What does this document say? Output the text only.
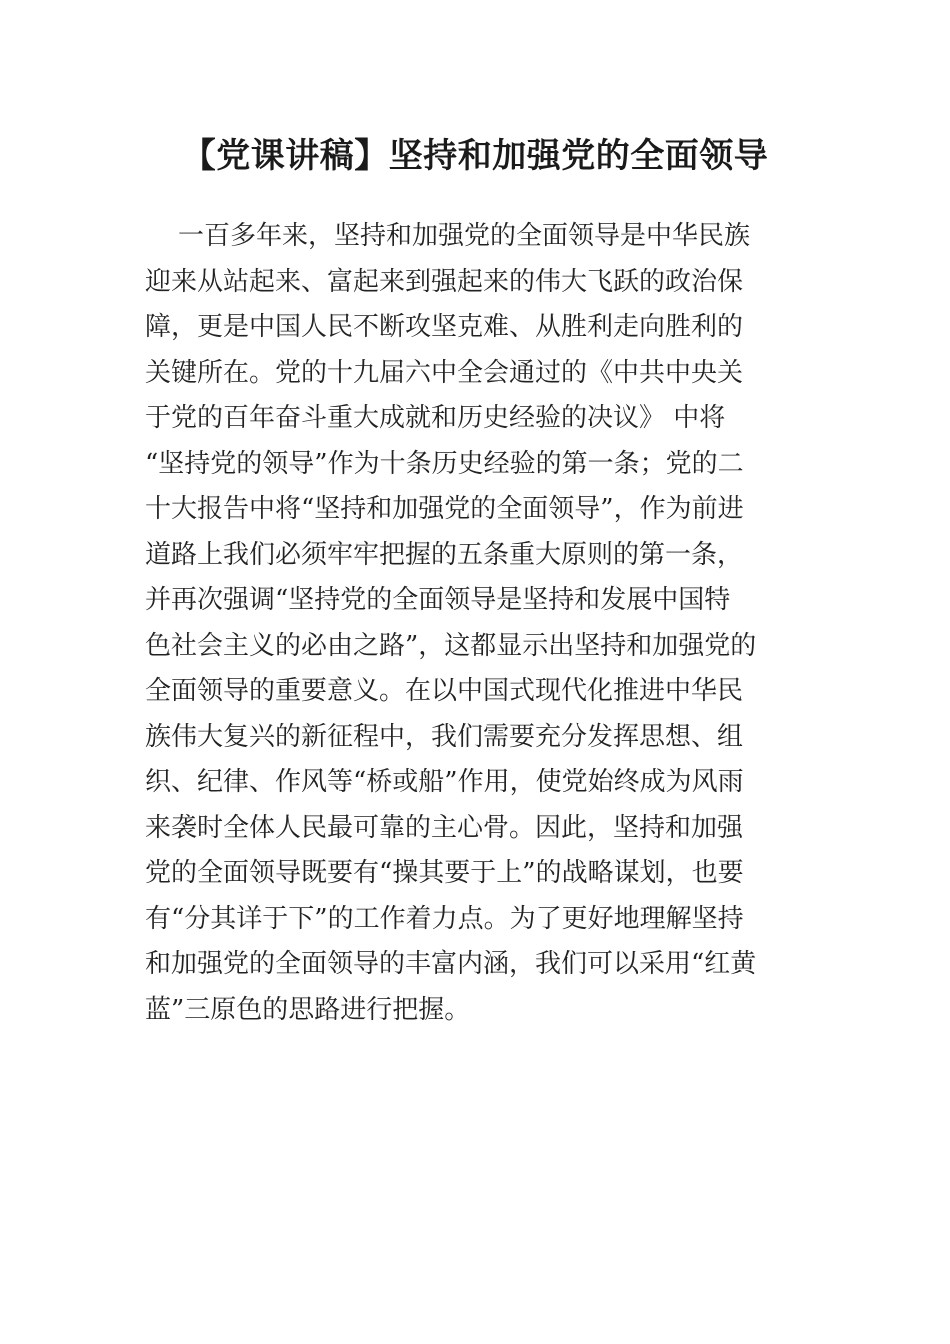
【党课讲稿】坚持和加强党的全面领导
一百多年来，坚持和加强党的全面领导是中华民族
迎来从站起来、富起来到强起来的伟大飞跃的政治保
障，更是中国人民不断攻坚克难、从胜利走向胜利的
关键所在。党的十九届六中全会通过的《中共中央关
于党的百年奋斗重大成就和历史经验的决议》 中将
“坚持党的领导”作为十条历史经验的第一条；党的二
十大报告中将“坚持和加强党的全面领导”，作为前进
道路上我们必须牢牢把握的五条重大原则的第一条，
并再次强调“坚持党的全面领导是坚持和发展中国特
色社会主义的必由之路”，这都显示出坚持和加强党的
全面领导的重要意义。在以中国式现代化推进中华民
族伟大复兴的新征程中，我们需要充分发挥思想、组
织、纪律、作风等“桥或船”作用，使党始终成为风雨
来袭时全体人民最可靠的主心骨。因此，坚持和加强
党的全面领导既要有“操其要于上”的战略谋划，也要
有“分其详于下”的工作着力点。为了更好地理解坚持
和加强党的全面领导的丰富内涵，我们可以采用“红黄
蓝”三原色的思路进行把握。
